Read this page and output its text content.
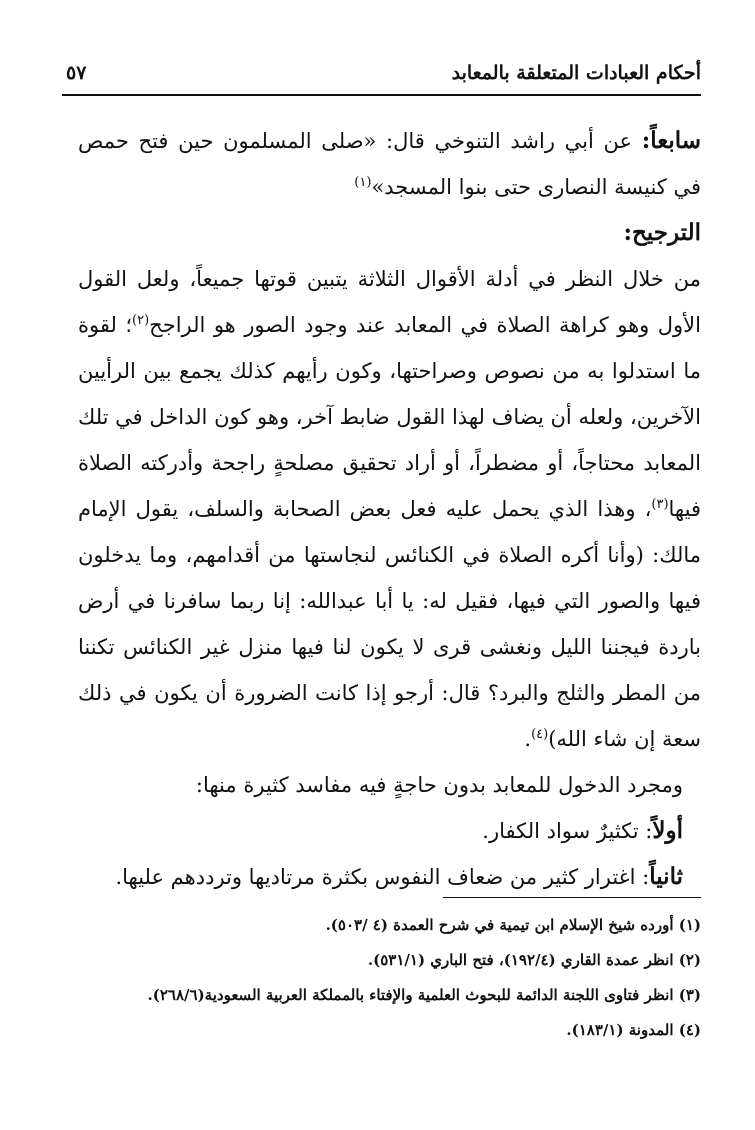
أحكام العبادات المتعلقة بالمعابد
٥٧

سابعاً: عن أبي راشد التنوخي قال: «صلى المسلمون حين فتح حمص في كنيسة النصارى حتى بنوا المسجد»$^{(١)}$

الترجيح:

من خلال النظر في أدلة الأقوال الثلاثة يتبين قوتها جميعاً، ولعل القول الأول وهو كراهة الصلاة في المعابد عند وجود الصور هو الراجح$^{(٢)}$؛ لقوة ما استدلوا به من نصوص وصراحتها، وكون رأيهم كذلك يجمع بين الرأيين الآخرين، ولعله أن يضاف لهذا القول ضابط آخر، وهو كون الداخل في تلك المعابد محتاجاً، أو مضطراً، أو أراد تحقيق مصلحةٍ راجحة وأدركته الصلاة فيها$^{(٣)}$، وهذا الذي يحمل عليه فعل بعض الصحابة والسلف، يقول الإمام مالك: (وأنا أكره الصلاة في الكنائس لنجاستها من أقدامهم، وما يدخلون فيها والصور التي فيها، فقيل له: يا أبا عبدالله: إنا ربما سافرنا في أرض باردة فيجننا الليل ونغشى قرى لا يكون لنا فيها منزل غير الكنائس تكننا من المطر والثلج والبرد؟ قال: أرجو إذا كانت الضرورة أن يكون في ذلك سعة إن شاء الله)$^{(٤)}$.

ومجرد الدخول للمعابد بدون حاجةٍ فيه مفاسد كثيرة منها:

أولاً: تكثيرٌ سواد الكفار.

ثانياً: اغترار كثير من ضعاف النفوس بكثرة مرتاديها وترددهم عليها.

(١) أورده شيخ الإسلام ابن تيمية في شرح العمدة (٤ /٥٠٣).

(٢) انظر عمدة القاري (١٩٢/٤)، فتح الباري (٥٣١/١).

(٣) انظر فتاوى اللجنة الدائمة للبحوث العلمية والإفتاء بالمملكة العربية السعودية(٢٦٨/٦).

(٤) المدونة (١٨٣/١).
